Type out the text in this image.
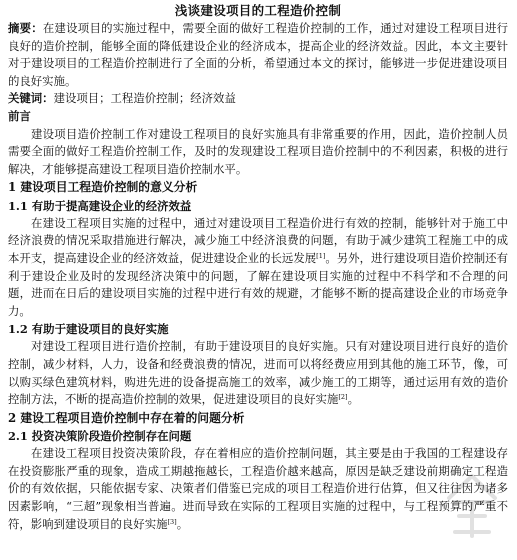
浅谈建设项目的工程造价控制

摘要：在建设项目的实施过程中，需要全面的做好工程造价控制的工作，通过对建设工程项目进行良好的造价控制，能够全面的降低建设企业的经济成本，提高企业的经济效益。因此，本文主要针对于建设项目的工程造价控制进行了全面的分析，希望通过本文的探讨，能够进一步促进建设项目的良好实施。

关键词：建设项目；工程造价控制；经济效益

前言

建设项目造价控制工作对建设工程项目的良好实施具有非常重要的作用，因此，造价控制人员需要全面的做好工程造价控制工作，及时的发现建设工程项目造价控制中的不利因素，积极的进行解决，才能够提高建设工程项目造价控制水平。

1 建设项目工程造价控制的意义分析

1.1 有助于提高建设企业的经济效益

在建设工程项目实施的过程中，通过对建设项目工程造价进行有效的控制，能够针对于施工中经济浪费的情况采取措施进行解决，减少施工中经济浪费的问题，有助于减少建筑工程施工中的成本开支，提高建设企业的经济效益，促进建设企业的长远发展[1]。另外，进行建设项目造价控制还有利于建设企业及时的发现经济决策中的问题，了解在建设项目实施的过程中不科学和不合理的问题，进而在日后的建设项目实施的过程中进行有效的规避，才能够不断的提高建设企业的市场竞争力。

1.2 有助于建设项目的良好实施

对建设工程项目进行造价控制，有助于建设项目的良好实施。只有对建设项目进行良好的造价控制，减少材料，人力，设备和经费浪费的情况，进而可以将经费应用到其他的施工环节，像，可以购买绿色建筑材料，购进先进的设备提高施工的效率，减少施工的工期等，通过运用有效的造价控制方法，不断的提高造价控制的效果，促进建设项目的良好实施[2]。

2 建设工程项目造价控制中存在着的问题分析

2.1 投资决策阶段造价控制存在问题

在建设工程项目投资决策阶段，存在着相应的造价控制问题，其主要是由于我国的工程建设存在投资膨胀严重的现象，造成工期越拖越长，工程造价越来越高，原因是缺乏建设前期确定工程造价的有效依据，只能依据专家、决策者们借鉴已完成的项目工程造价进行估算，但又往往因为诸多因素影响，“三超”现象相当普遍。进而导致在实际的工程项目实施的过程中，与工程预算的严重不符，影响到建设项目的良好实施[3]。
